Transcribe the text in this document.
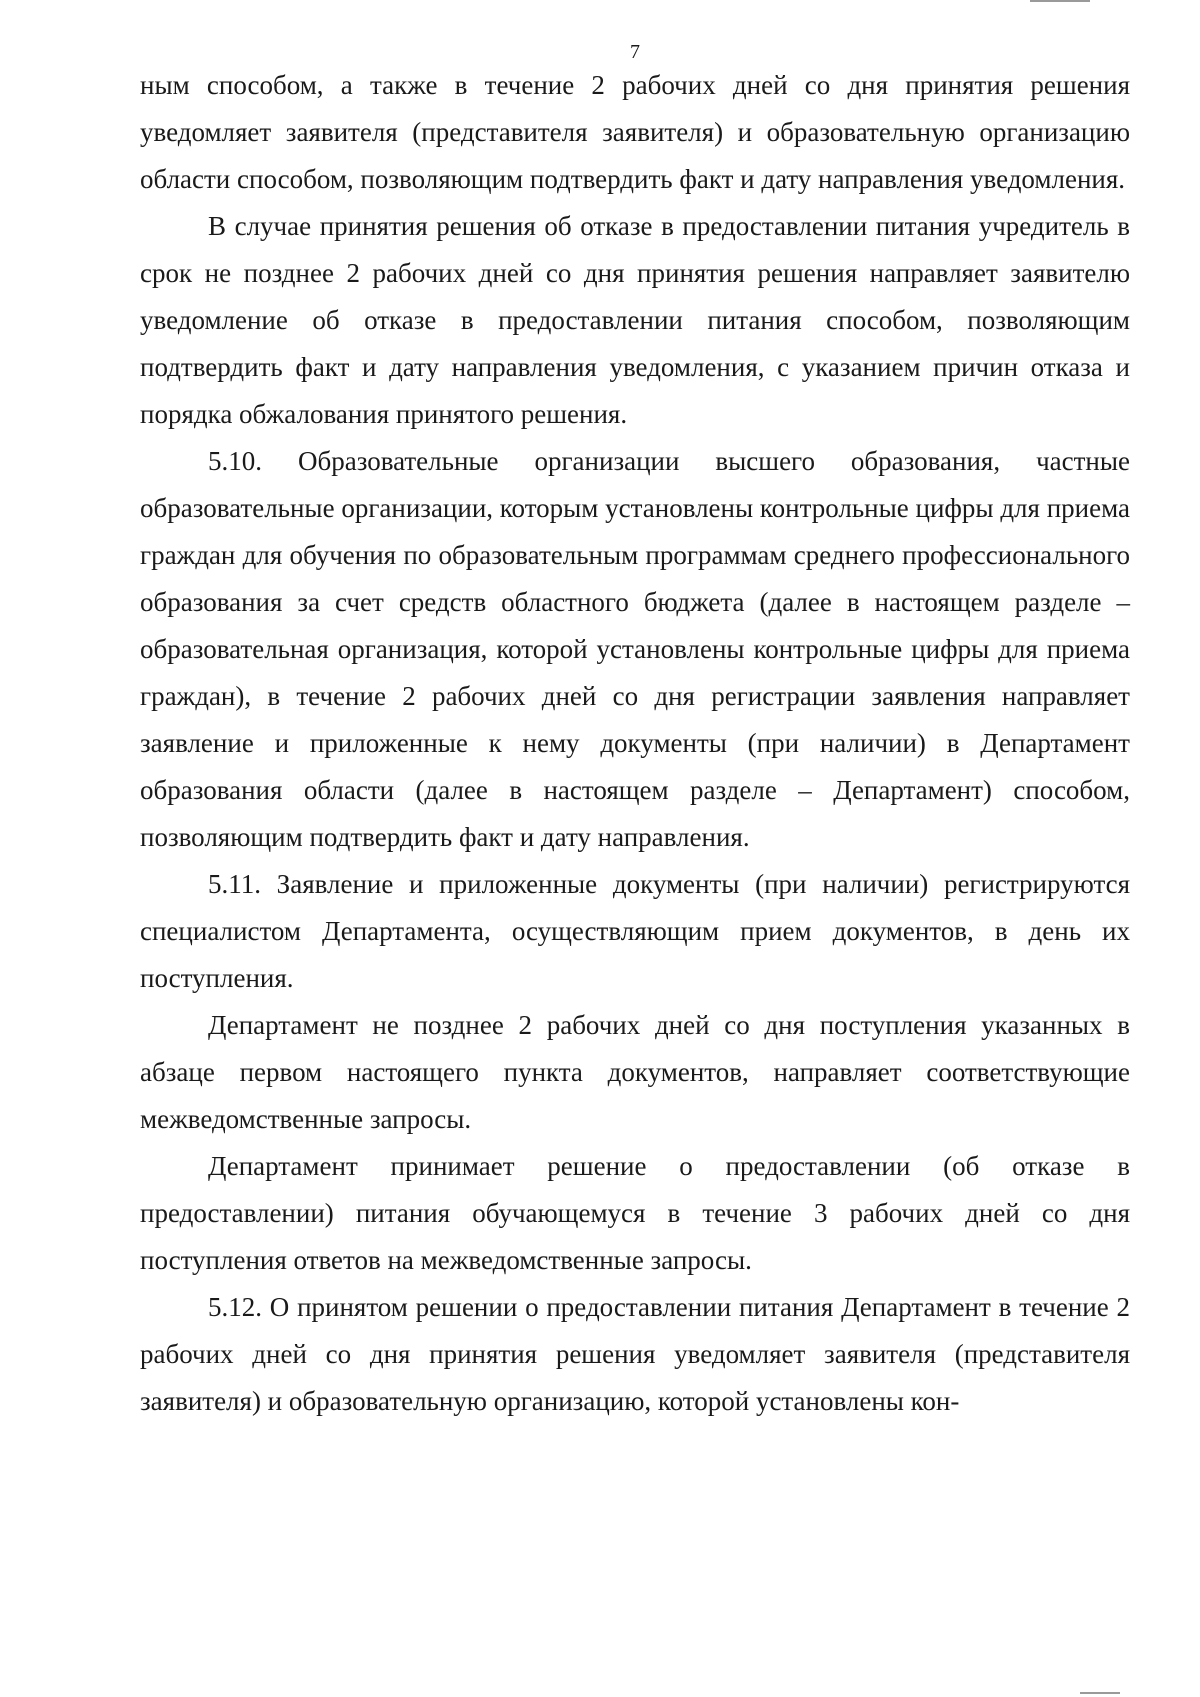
7

ным способом, а также в течение 2 рабочих дней со дня принятия решения уведомляет заявителя (представителя заявителя) и образовательную организацию области способом, позволяющим подтвердить факт и дату направления уведомления.

В случае принятия решения об отказе в предоставлении питания учредитель в срок не позднее 2 рабочих дней со дня принятия решения направляет заявителю уведомление об отказе в предоставлении питания способом, позволяющим подтвердить факт и дату направления уведомления, с указанием причин отказа и порядка обжалования принятого решения.

5.10. Образовательные организации высшего образования, частные образовательные организации, которым установлены контрольные цифры для приема граждан для обучения по образовательным программам среднего профессионального образования за счет средств областного бюджета (далее в настоящем разделе – образовательная организация, которой установлены контрольные цифры для приема граждан), в течение 2 рабочих дней со дня регистрации заявления направляет заявление и приложенные к нему документы (при наличии) в Департамент образования области (далее в настоящем разделе – Департамент) способом, позволяющим подтвердить факт и дату направления.

5.11. Заявление и приложенные документы (при наличии) регистрируются специалистом Департамента, осуществляющим прием документов, в день их поступления.

Департамент не позднее 2 рабочих дней со дня поступления указанных в абзаце первом настоящего пункта документов, направляет соответствующие межведомственные запросы.

Департамент принимает решение о предоставлении (об отказе в предоставлении) питания обучающемуся в течение 3 рабочих дней со дня поступления ответов на межведомственные запросы.

5.12. О принятом решении о предоставлении питания Департамент в течение 2 рабочих дней со дня принятия решения уведомляет заявителя (представителя заявителя) и образовательную организацию, которой установлены кон-
